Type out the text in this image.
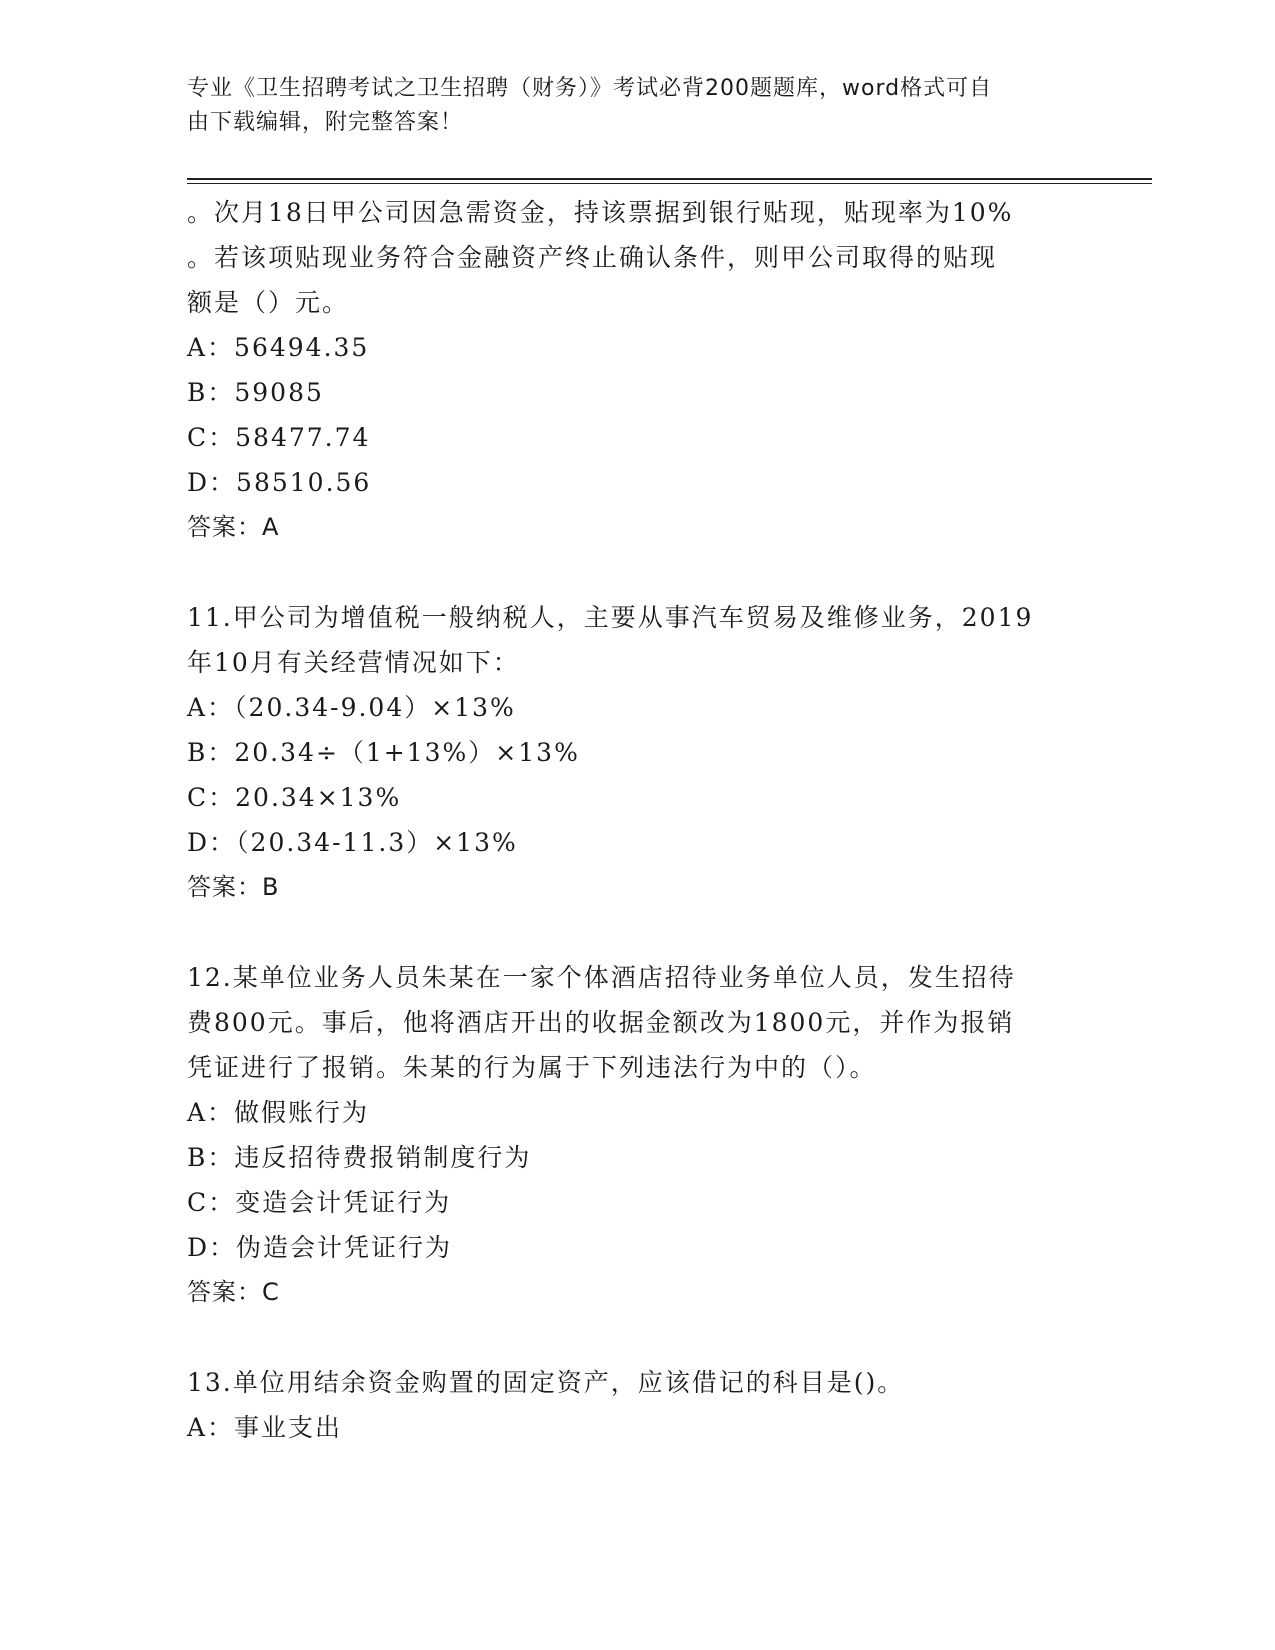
专业《卫生招聘考试之卫生招聘（财务）》考试必背200题题库，word格式可自
由下载编辑，附完整答案！
。次月18日甲公司因急需资金，持该票据到银行贴现，贴现率为10%
。若该项贴现业务符合金融资产终止确认条件，则甲公司取得的贴现
额是（）元。
A：56494.35
B：59085
C：58477.74
D：58510.56
答案：A
11.甲公司为增值税一般纳税人，主要从事汽车贸易及维修业务，2019
年10月有关经营情况如下：
A：（20.34-9.04）×13%
B：20.34÷（1+13%）×13%
C：20.34×13%
D：（20.34-11.3）×13%
答案：B
12.某单位业务人员朱某在一家个体酒店招待业务单位人员，发生招待
费800元。事后，他将酒店开出的收据金额改为1800元，并作为报销
凭证进行了报销。朱某的行为属于下列违法行为中的（）。
A：做假账行为
B：违反招待费报销制度行为
C：变造会计凭证行为
D：伪造会计凭证行为
答案：C
13.单位用结余资金购置的固定资产，应该借记的科目是()。
A：事业支出
